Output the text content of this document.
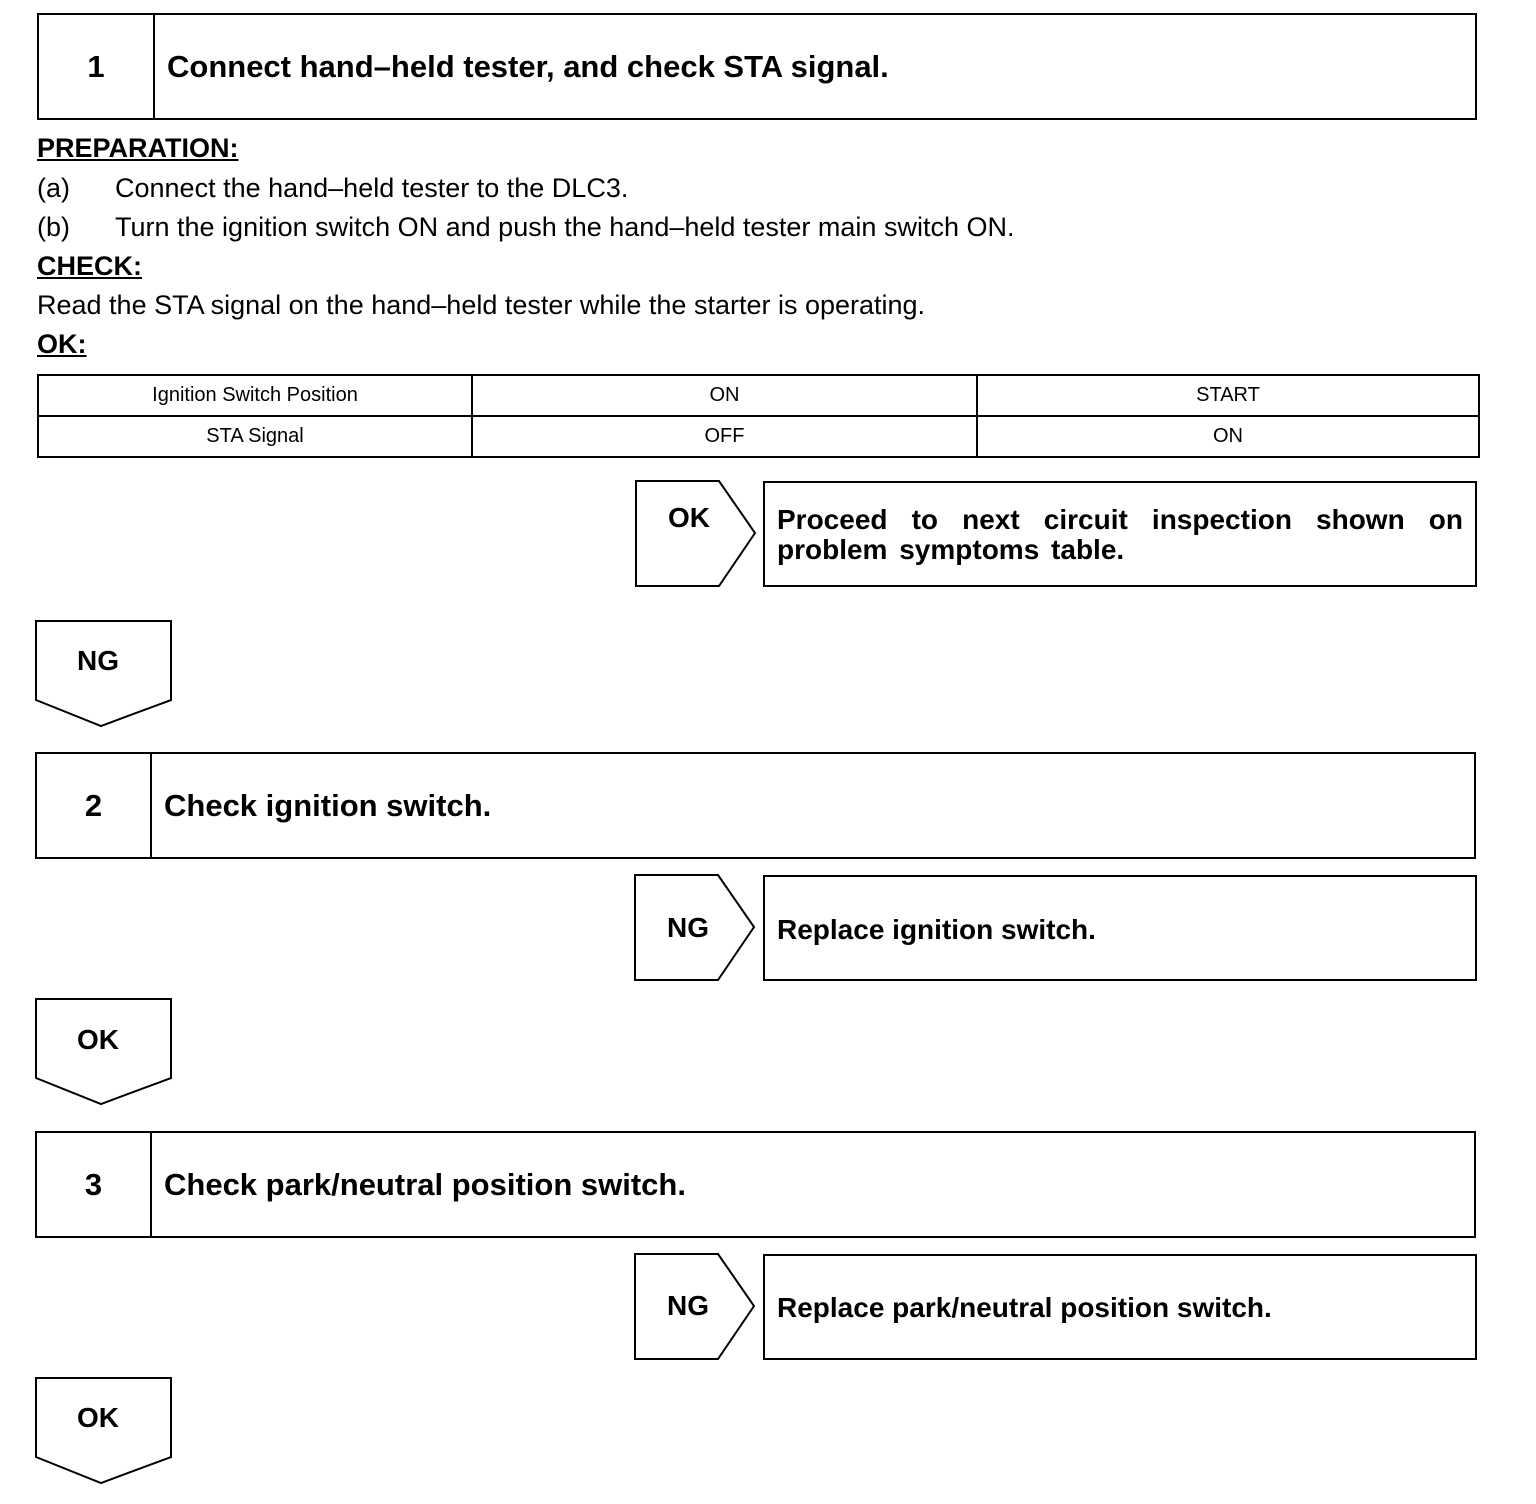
1	Connect hand–held tester, and check STA signal.
PREPARATION:
(a) Connect the hand–held tester to the DLC3.
(b) Turn the ignition switch ON and push the hand–held tester main switch ON.
CHECK:
Read the STA signal on the hand–held tester while the starter is operating.
OK:
Ignition Switch Position	ON	START
STA Signal	OFF	ON
OK	Proceed to next circuit inspection shown on problem symptoms table.
NG
2	Check ignition switch.
NG	Replace ignition switch.
OK
3	Check park/neutral position switch.
NG	Replace park/neutral position switch.
OK
